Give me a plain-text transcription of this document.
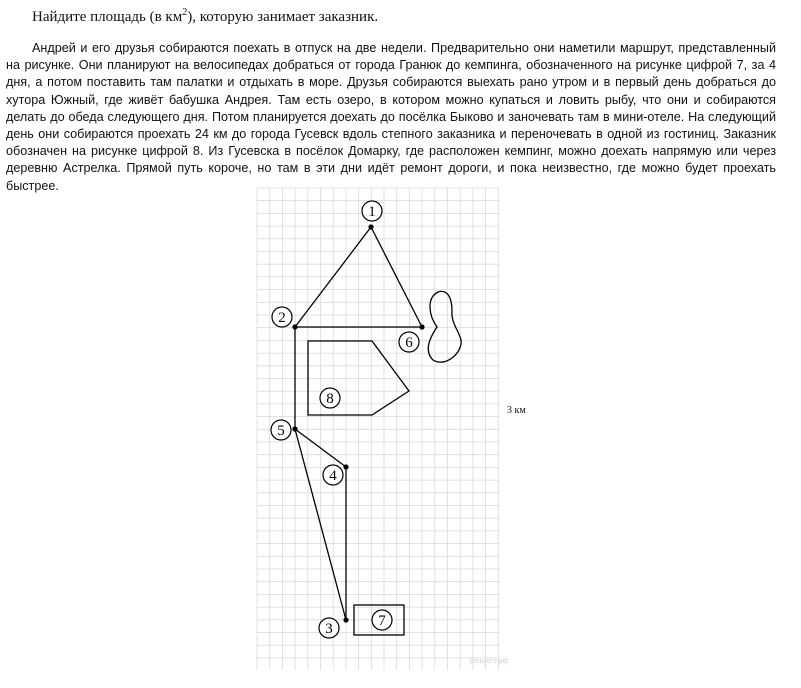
Найдите площадь (в $км^2$), которую занимает заказник.

Андрей и его друзья собираются поехать в отпуск на две недели. Предварительно они наметили маршрут, представленный на рисунке. Они планируют на велосипедах добраться от города Гранюк до кемпинга, обозначенного на рисунке цифрой 7, за 4 дня, а потом поставить там палатки и отдыхать в море. Друзья собираются выехать рано утром и в первый день добраться до хутора Южный, где живёт бабушка Андрея. Там есть озеро, в котором можно купаться и ловить рыбу, что они и собираются делать до обеда следующего дня. Потом планируется доехать до посёлка Быково и заночевать там в мини-отеле. На следующий день они собираются проехать 24 км до города Гусевск вдоль степного заказника и переночевать в одной из гостиниц. Заказник обозначен на рисунке цифрой 8. Из Гусевска в посёлок Домарку, где расположен кемпинг, можно доехать напрямую или через деревню Астрелка. Прямой путь короче, но там в эти дни идёт ремонт дороги, и пока неизвестно, где можно будет проехать быстрее.

1
2
3
4
5
6
7
8
3 км
решуегэ.рф
